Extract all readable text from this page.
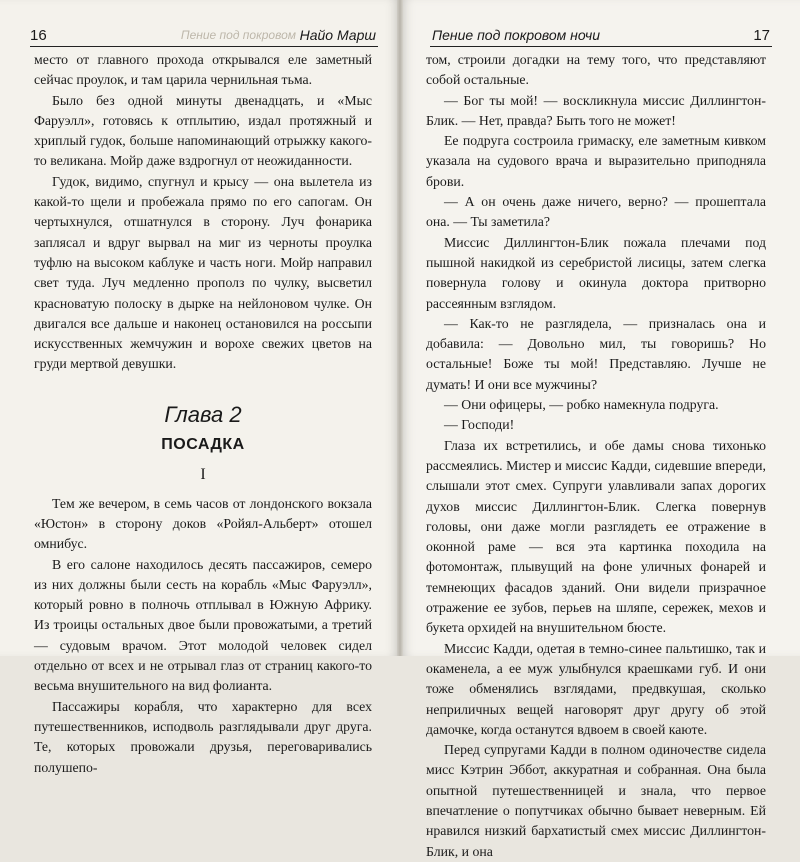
16	Пение под покровом Найо Марш

место от главного прохода открывался еле заметный сейчас проулок, и там царила чернильная тьма.

Было без одной минуты двенадцать, и «Мыс Фаруэлл», готовясь к отплытию, издал протяжный и хриплый гудок, больше напоминающий отрыжку какого-то великана. Мойр даже вздрогнул от неожиданности.

Гудок, видимо, спугнул и крысу — она вылетела из какой-то щели и пробежала прямо по его сапогам. Он чертыхнулся, отшатнулся в сторону. Луч фонарика заплясал и вдруг вырвал на миг из черноты проулка туфлю на высоком каблуке и часть ноги. Мойр направил свет туда. Луч медленно прополз по чулку, высветил красноватую полоску в дырке на нейлоновом чулке. Он двигался все дальше и наконец остановился на россыпи искусственных жемчужин и ворохе свежих цветов на груди мертвой девушки.

Глава 2
ПОСАДКА
I

Тем же вечером, в семь часов от лондонского вокзала «Юстон» в сторону доков «Ройял-Альберт» отошел омнибус.

В его салоне находилось десять пассажиров, семеро из них должны были сесть на корабль «Мыс Фаруэлл», который ровно в полночь отплывал в Южную Африку. Из троицы остальных двое были провожатыми, а третий — судовым врачом. Этот молодой человек сидел отдельно от всех и не отрывал глаз от страниц какого-то весьма внушительного на вид фолианта.

Пассажиры корабля, что характерно для всех путешественников, исподволь разглядывали друг друга. Те, которых провожали друзья, переговаривались полушепо-

Пение под покровом ночи	17

том, строили догадки на тему того, что представляют собой остальные.

— Бог ты мой! — воскликнула миссис Диллингтон-Блик. — Нет, правда? Быть того не может!

Ее подруга состроила гримаску, еле заметным кивком указала на судового врача и выразительно приподняла брови.

— А он очень даже ничего, верно? — прошептала она. — Ты заметила?

Миссис Диллингтон-Блик пожала плечами под пышной накидкой из серебристой лисицы, затем слегка повернула голову и окинула доктора притворно рассеянным взглядом.

— Как-то не разглядела, — призналась она и добавила: — Довольно мил, ты говоришь? Но остальные! Боже ты мой! Представляю. Лучше не думать! И они все мужчины?

— Они офицеры, — робко намекнула подруга.

— Господи!

Глаза их встретились, и обе дамы снова тихонько рассмеялись. Мистер и миссис Кадди, сидевшие впереди, слышали этот смех. Супруги улавливали запах дорогих духов миссис Диллингтон-Блик. Слегка повернув головы, они даже могли разглядеть ее отражение в оконной раме — вся эта картинка походила на фотомонтаж, плывущий на фоне уличных фонарей и темнеющих фасадов зданий. Они видели призрачное отражение ее зубов, перьев на шляпе, сережек, мехов и букета орхидей на внушительном бюсте.

Миссис Кадди, одетая в темно-синее пальтишко, так и окаменела, а ее муж улыбнулся краешками губ. И они тоже обменялись взглядами, предвкушая, сколько неприличных вещей наговорят друг другу об этой дамочке, когда останутся вдвоем в своей каюте.

Перед супругами Кадди в полном одиночестве сидела мисс Кэтрин Эббот, аккуратная и собранная. Она была опытной путешественницей и знала, что первое впечатление о попутчиках обычно бывает неверным. Ей нравился низкий бархатистый смех миссис Диллингтон-Блик, и она
